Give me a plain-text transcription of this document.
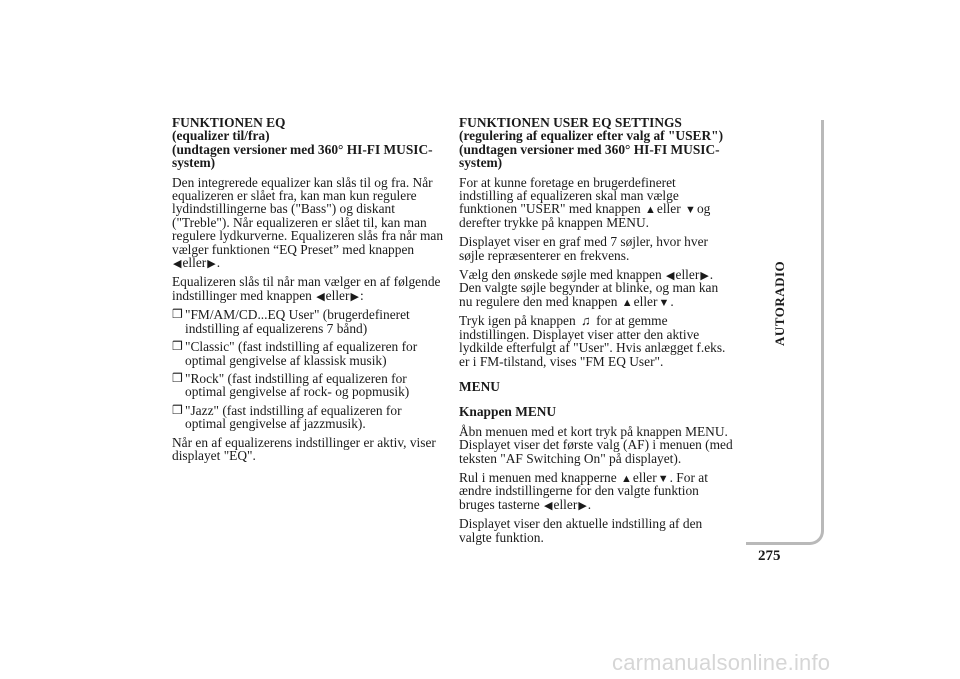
FUNKTIONEN EQ
(equalizer til/fra)
(undtagen versioner med 360° HI-FI MUSIC-
system)
Den integrerede equalizer kan slås til og fra. Når
equalizeren er slået fra, kan man kun regulere
lydindstillingerne bas ("Bass") og diskant
("Treble"). Når equalizeren er slået til, kan man
regulere lydkurverne. Equalizeren slås fra når man
vælger funktionen “EQ Preset” med knappen
◀eller▶.
Equalizeren slås til når man vælger en af følgende
indstillinger med knappen ◀eller▶:
❒ "FM/AM/CD...EQ User" (brugerdefineret
indstilling af equalizerens 7 bånd)
❒ "Classic" (fast indstilling af equalizeren for
optimal gengivelse af klassisk musik)
❒ "Rock" (fast indstilling af equalizeren for
optimal gengivelse af rock- og popmusik)
❒ "Jazz" (fast indstilling af equalizeren for
optimal gengivelse af jazzmusik).
Når en af equalizerens indstillinger er aktiv, viser
displayet "EQ".
FUNKTIONEN USER EQ SETTINGS
(regulering af equalizer efter valg af "USER")
(undtagen versioner med 360° HI-FI MUSIC-
system)
For at kunne foretage en brugerdefineret
indstilling af equalizeren skal man vælge
funktionen "USER" med knappen ▲eller ▼og
derefter trykke på knappen MENU.
Displayet viser en graf med 7 søjler, hvor hver
søjle repræsenterer en frekvens.
Vælg den ønskede søjle med knappen ◀eller▶.
Den valgte søjle begynder at blinke, og man kan
nu regulere den med knappen ▲eller▼.
Tryk igen på knappen ♫ for at gemme
indstillingen. Displayet viser atter den aktive
lydkilde efterfulgt af "User". Hvis anlægget f.eks.
er i FM-tilstand, vises "FM EQ User".
MENU
Knappen MENU
Åbn menuen med et kort tryk på knappen MENU.
Displayet viser det første valg (AF) i menuen (med
teksten "AF Switching On" på displayet).
Rul i menuen med knapperne ▲eller▼. For at
ændre indstillingerne for den valgte funktion
bruges tasterne ◀eller▶.
Displayet viser den aktuelle indstilling af den
valgte funktion.
AUTORADIO
275
carmanualsonline.info
